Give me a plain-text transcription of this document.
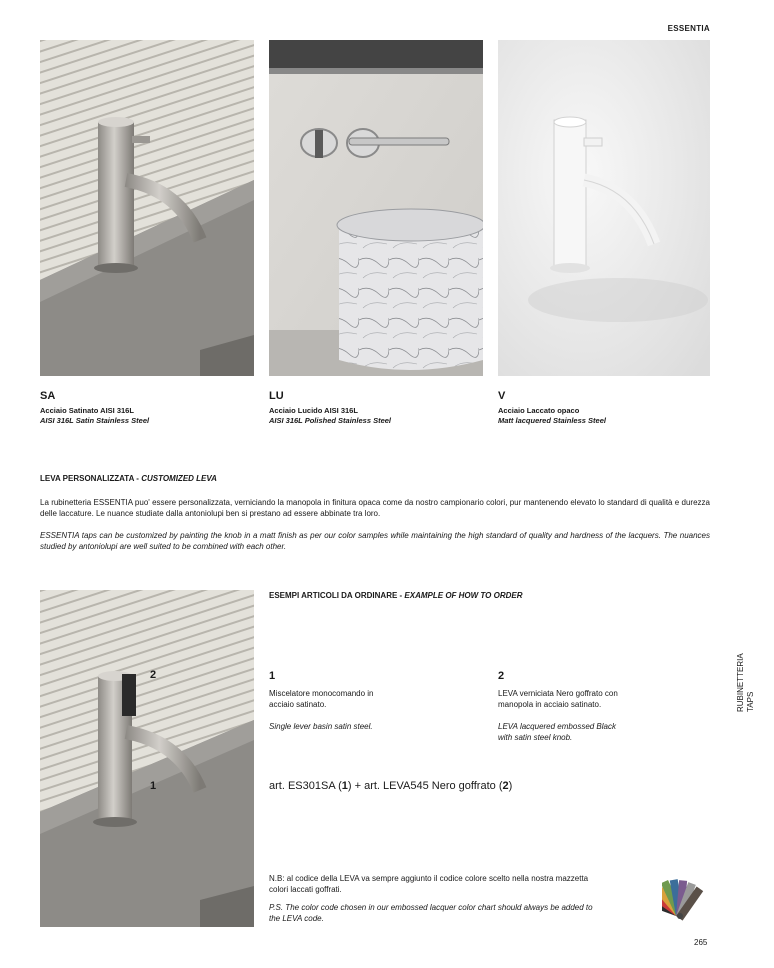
ESSENTIA
SA
Acciaio Satinato AISI 316L
AISI 316L Satin Stainless Steel
LU
Acciaio Lucido AISI 316L
AISI 316L Polished Stainless Steel
V
Acciaio Laccato opaco
Matt lacquered Stainless Steel
LEVA PERSONALIZZATA - CUSTOMIZED LEVA
La rubinetteria ESSENTIA puo' essere personalizzata, verniciando la manopola in finitura opaca come da nostro campionario colori, pur mantenendo elevato lo standard di qualità e durezza delle laccature. Le nuance studiate dalla antoniolupi ben si prestano ad essere abbinate tra loro.
ESSENTIA taps can be customized by painting the knob in a matt finish as per our color samples while maintaining the high standard of quality and hardness of the lacquers. The nuances studied by antoniolupi are well suited to be combined with each other.
2
1
ESEMPI ARTICOLI DA ORDINARE - EXAMPLE OF HOW TO ORDER
1
Miscelatore monocomando in
acciaio satinato.
Single lever basin satin steel.
2
LEVA verniciata Nero goffrato con
manopola in acciaio satinato.
LEVA lacquered embossed Black
with satin steel knob.
art. ES301SA (1) + art. LEVA545 Nero goffrato (2)
N.B: al codice della LEVA va sempre aggiunto il codice colore scelto nella nostra mazzetta
colori laccati goffrati.
P.S. The color code chosen in our embossed lacquer color chart should always be added to
the LEVA code.
RUBINETTERIA TAPS
265
